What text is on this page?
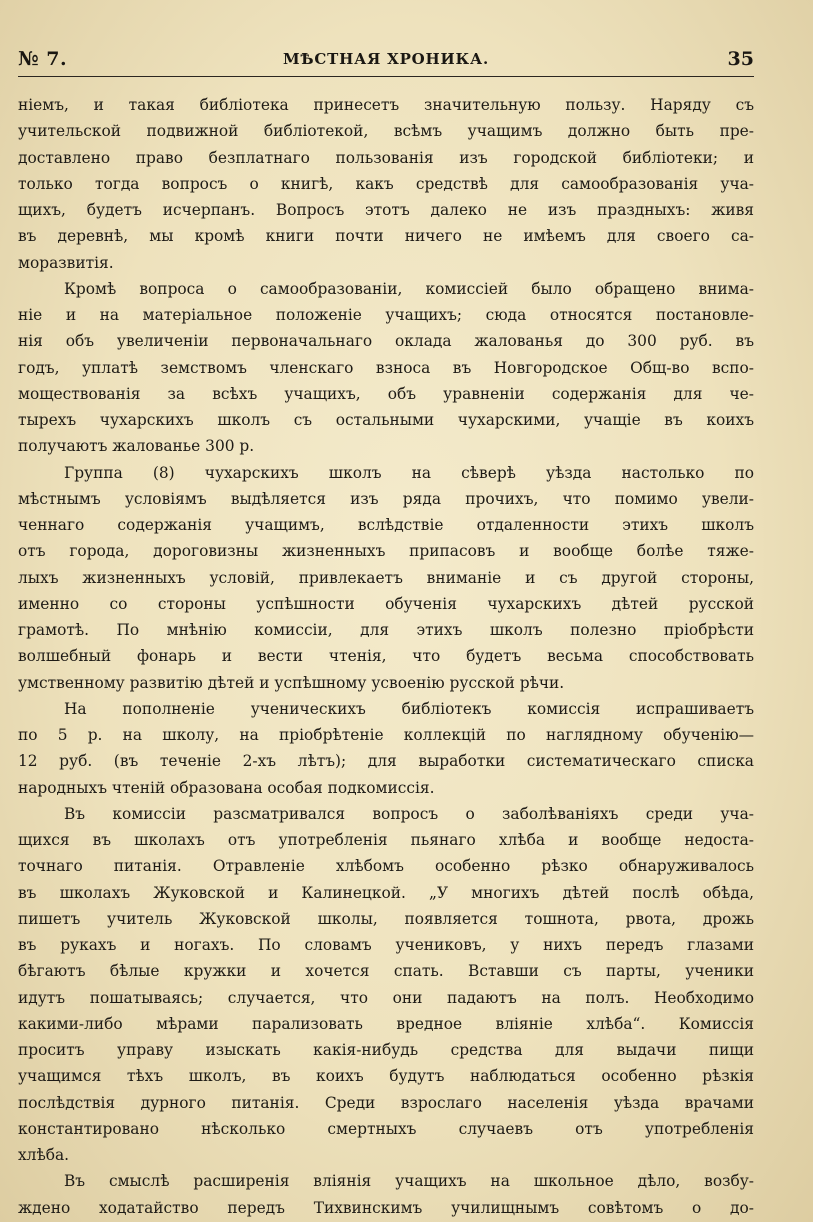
№ 7.	МѢСТНАЯ ХРОНИКА.	35
ніемъ, и такая библіотека принесетъ значительную пользу. Наряду съ
учительской подвижной библіотекой, всѣмъ учащимъ должно быть пре-
доставлено право безплатнаго пользованія изъ городской библіотеки; и
только тогда вопросъ о книгѣ, какъ средствѣ для самообразованія уча-
щихъ, будетъ исчерпанъ. Вопросъ этотъ далеко не изъ праздныхъ: живя
въ деревнѣ, мы кромѣ книги почти ничего не имѣемъ для своего са-
моразвитія.
Кромѣ вопроса о самообразованіи, комиссіей было обращено внима-
ніе и на матеріальное положеніе учащихъ; сюда относятся постановле-
нія объ увеличеніи первоначальнаго оклада жалованья до 300 руб. въ
годъ, уплатѣ земствомъ членскаго взноса въ Новгородское Общ-во вспо-
моществованія за всѣхъ учащихъ, объ уравненіи содержанія для че-
тырехъ чухарскихъ школъ съ остальными чухарскими, учащіе въ коихъ
получаютъ жалованье 300 р.
Группа (8) чухарскихъ школъ на сѣверѣ уѣзда настолько по
мѣстнымъ условіямъ выдѣляется изъ ряда прочихъ, что помимо увели-
ченнаго содержанія учащимъ, вслѣдствіе отдаленности этихъ школъ
отъ города, дороговизны жизненныхъ припасовъ и вообще болѣе тяже-
лыхъ жизненныхъ условій, привлекаетъ вниманіе и съ другой стороны,
именно со стороны успѣшности обученія чухарскихъ дѣтей русской
грамотѣ. По мнѣнію комиссіи, для этихъ школъ полезно пріобрѣсти
волшебный фонарь и вести чтенія, что будетъ весьма способствовать
умственному развитію дѣтей и успѣшному усвоенію русской рѣчи.
На пополненіе ученическихъ библіотекъ комиссія испрашиваетъ
по 5 р. на школу, на пріобрѣтеніе коллекцій по наглядному обученію—
12 руб. (въ теченіе 2-хъ лѣтъ); для выработки систематическаго списка
народныхъ чтеній образована особая подкомиссія.
Въ комиссіи разсматривался вопросъ о заболѣваніяхъ среди уча-
щихся въ школахъ отъ употребленія пьянаго хлѣба и вообще недоста-
точнаго питанія. Отравленіе хлѣбомъ особенно рѣзко обнаруживалось
въ школахъ Жуковской и Калинецкой. „У многихъ дѣтей послѣ обѣда,
пишетъ учитель Жуковской школы, появляется тошнота, рвота, дрожь
въ рукахъ и ногахъ. По словамъ учениковъ, у нихъ передъ глазами
бѣгаютъ бѣлые кружки и хочется спать. Вставши съ парты, ученики
идутъ пошатываясь; случается, что они падаютъ на полъ. Необходимо
какими-либо мѣрами парализовать вредное вліяніе хлѣба“. Комиссія
проситъ управу изыскать какія-нибудь средства для выдачи пищи
учащимся тѣхъ школъ, въ коихъ будутъ наблюдаться особенно рѣзкія
послѣдствія дурного питанія. Среди взрослаго населенія уѣзда врачами
константировано нѣсколько смертныхъ случаевъ отъ употребленія
хлѣба.
Въ смыслѣ расширенія вліянія учащихъ на школьное дѣло, возбу-
ждено ходатайство передъ Тихвинскимъ училищнымъ совѣтомъ о до-
